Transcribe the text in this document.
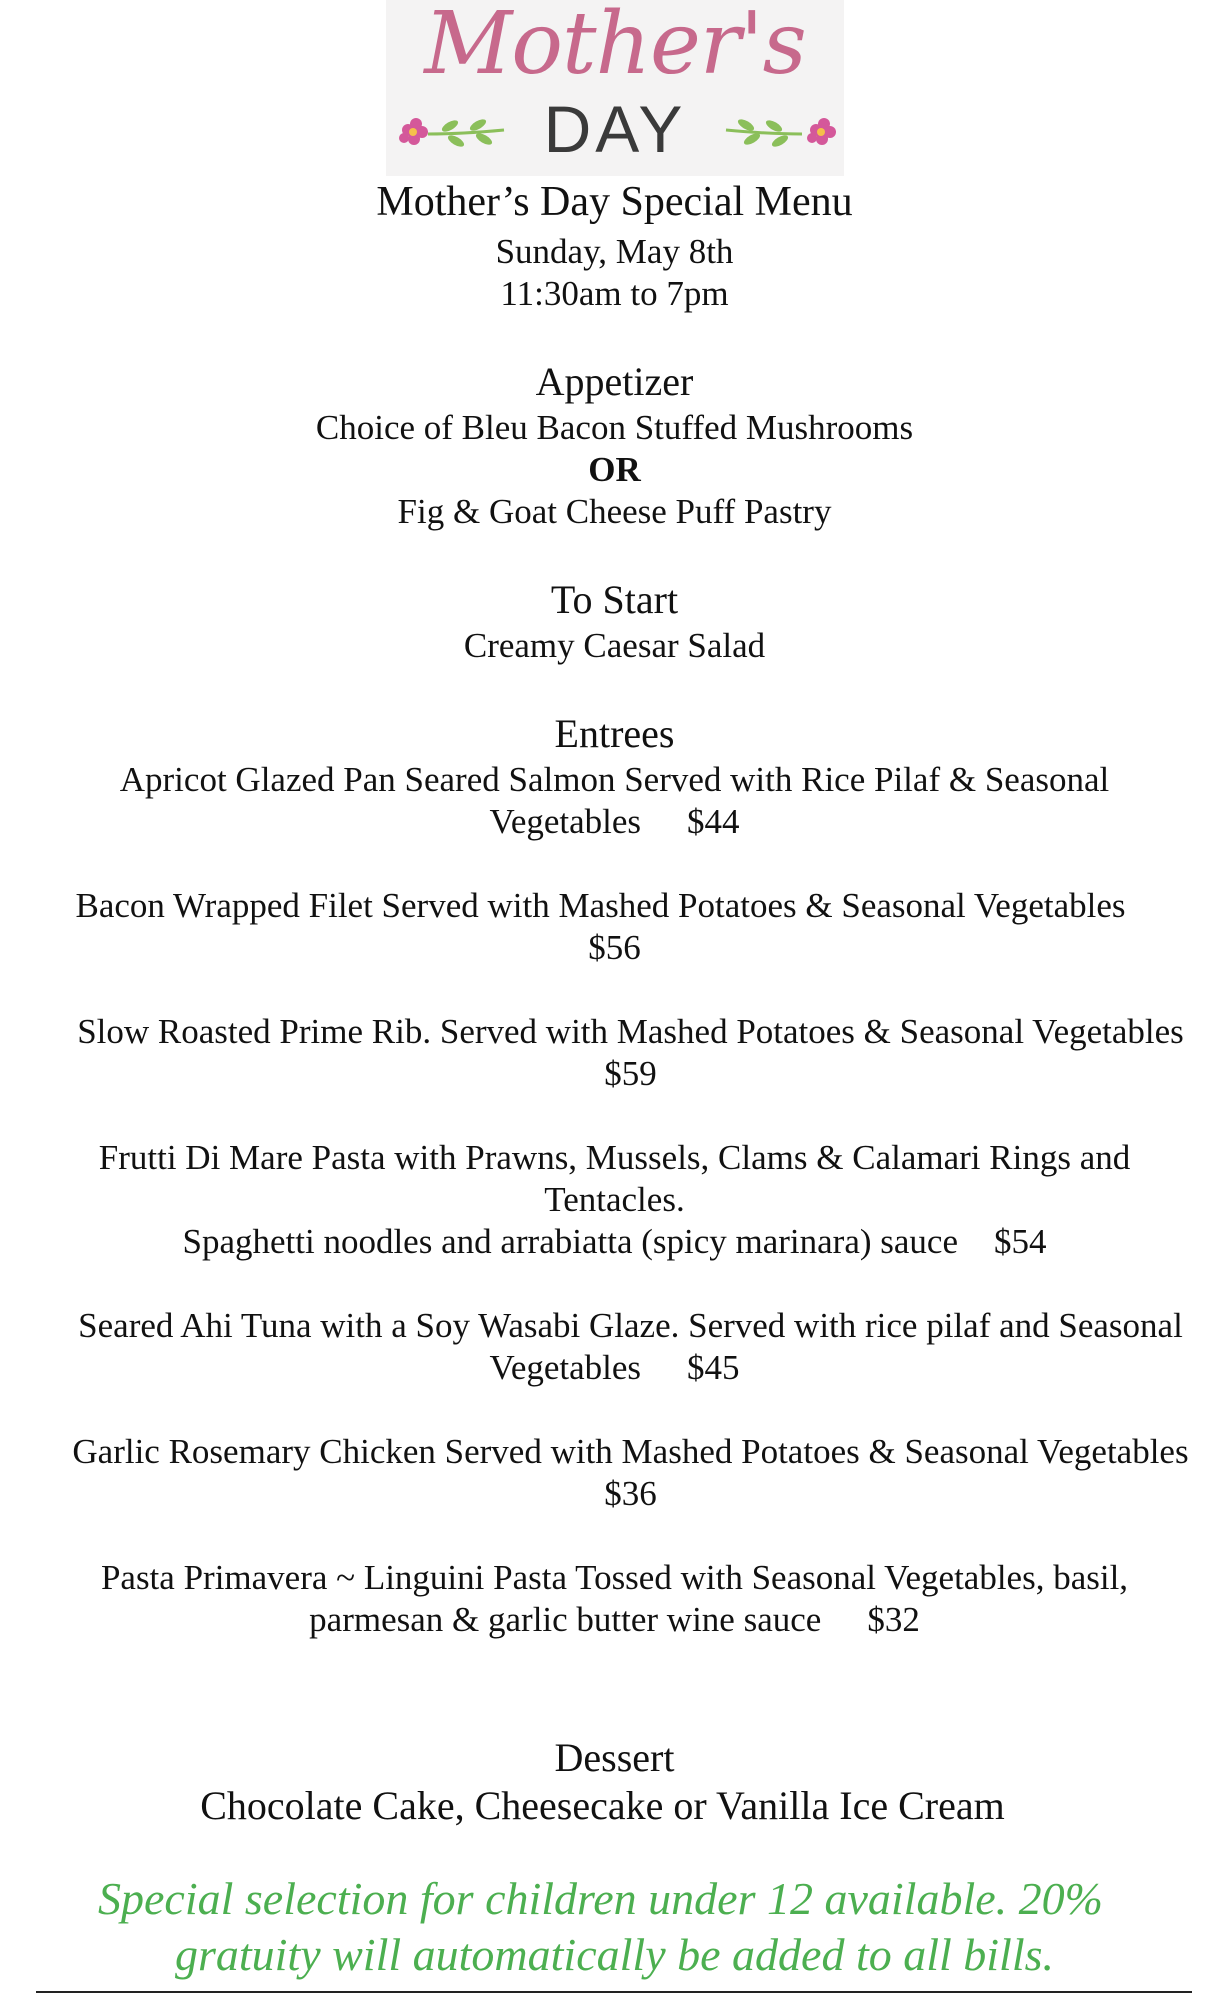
Mother's
DAY
Mother’s Day Special Menu
Sunday, May 8th
11:30am to 7pm
Appetizer
Choice of Bleu Bacon Stuffed Mushrooms
OR
Fig & Goat Cheese Puff Pastry
To Start
Creamy Caesar Salad
Entrees
Apricot Glazed Pan Seared Salmon Served with Rice Pilaf & Seasonal
Vegetables $44
Bacon Wrapped Filet Served with Mashed Potatoes & Seasonal Vegetables
$56
Slow Roasted Prime Rib. Served with Mashed Potatoes & Seasonal Vegetables
$59
Frutti Di Mare Pasta with Prawns, Mussels, Clams & Calamari Rings and
Tentacles.
Spaghetti noodles and arrabiatta (spicy marinara) sauce $54
Seared Ahi Tuna with a Soy Wasabi Glaze. Served with rice pilaf and Seasonal
Vegetables $45
Garlic Rosemary Chicken Served with Mashed Potatoes & Seasonal Vegetables
$36
Pasta Primavera ~ Linguini Pasta Tossed with Seasonal Vegetables, basil,
parmesan & garlic butter wine sauce $32
Dessert
Chocolate Cake, Cheesecake or Vanilla Ice Cream
Special selection for children under 12 available. 20%
gratuity will automatically be added to all bills.
